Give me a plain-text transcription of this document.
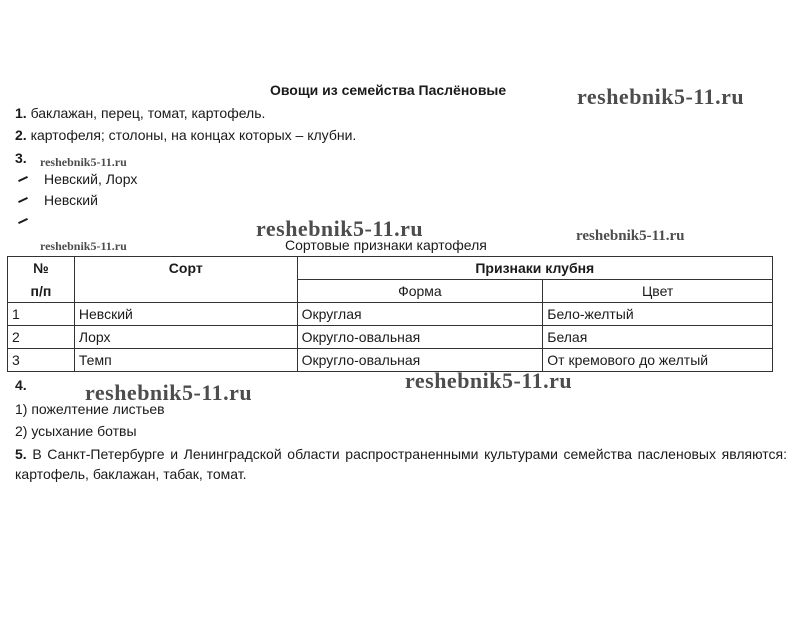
Овощи из семейства Паслёновые
1. баклажан, перец, томат, картофель.
2. картофеля; столоны, на концах которых – клубни.
3.
Невский, Лорх
Невский
Сортовые признаки картофеля
№	Сорт	Признаки клубня	
п/п		Форма	Цвет
1	Невский	Округлая	Бело-желтый
2	Лорх	Округло-овальная	Белая
3	Темп	Округло-овальная	От кремового до желтый
4.
1) пожелтение листьев
2) усыхание ботвы
5. В Санкт-Петербурге и Ленинградской области распространенными культурами семейства пасленовых являются: картофель, баклажан, табак, томат.
reshebnik5-11.ru
reshebnik5-11.ru
reshebnik5-11.ru
reshebnik5-11.ru
reshebnik5-11.ru
reshebnik5-11.ru	reshebnik5-11.ru
